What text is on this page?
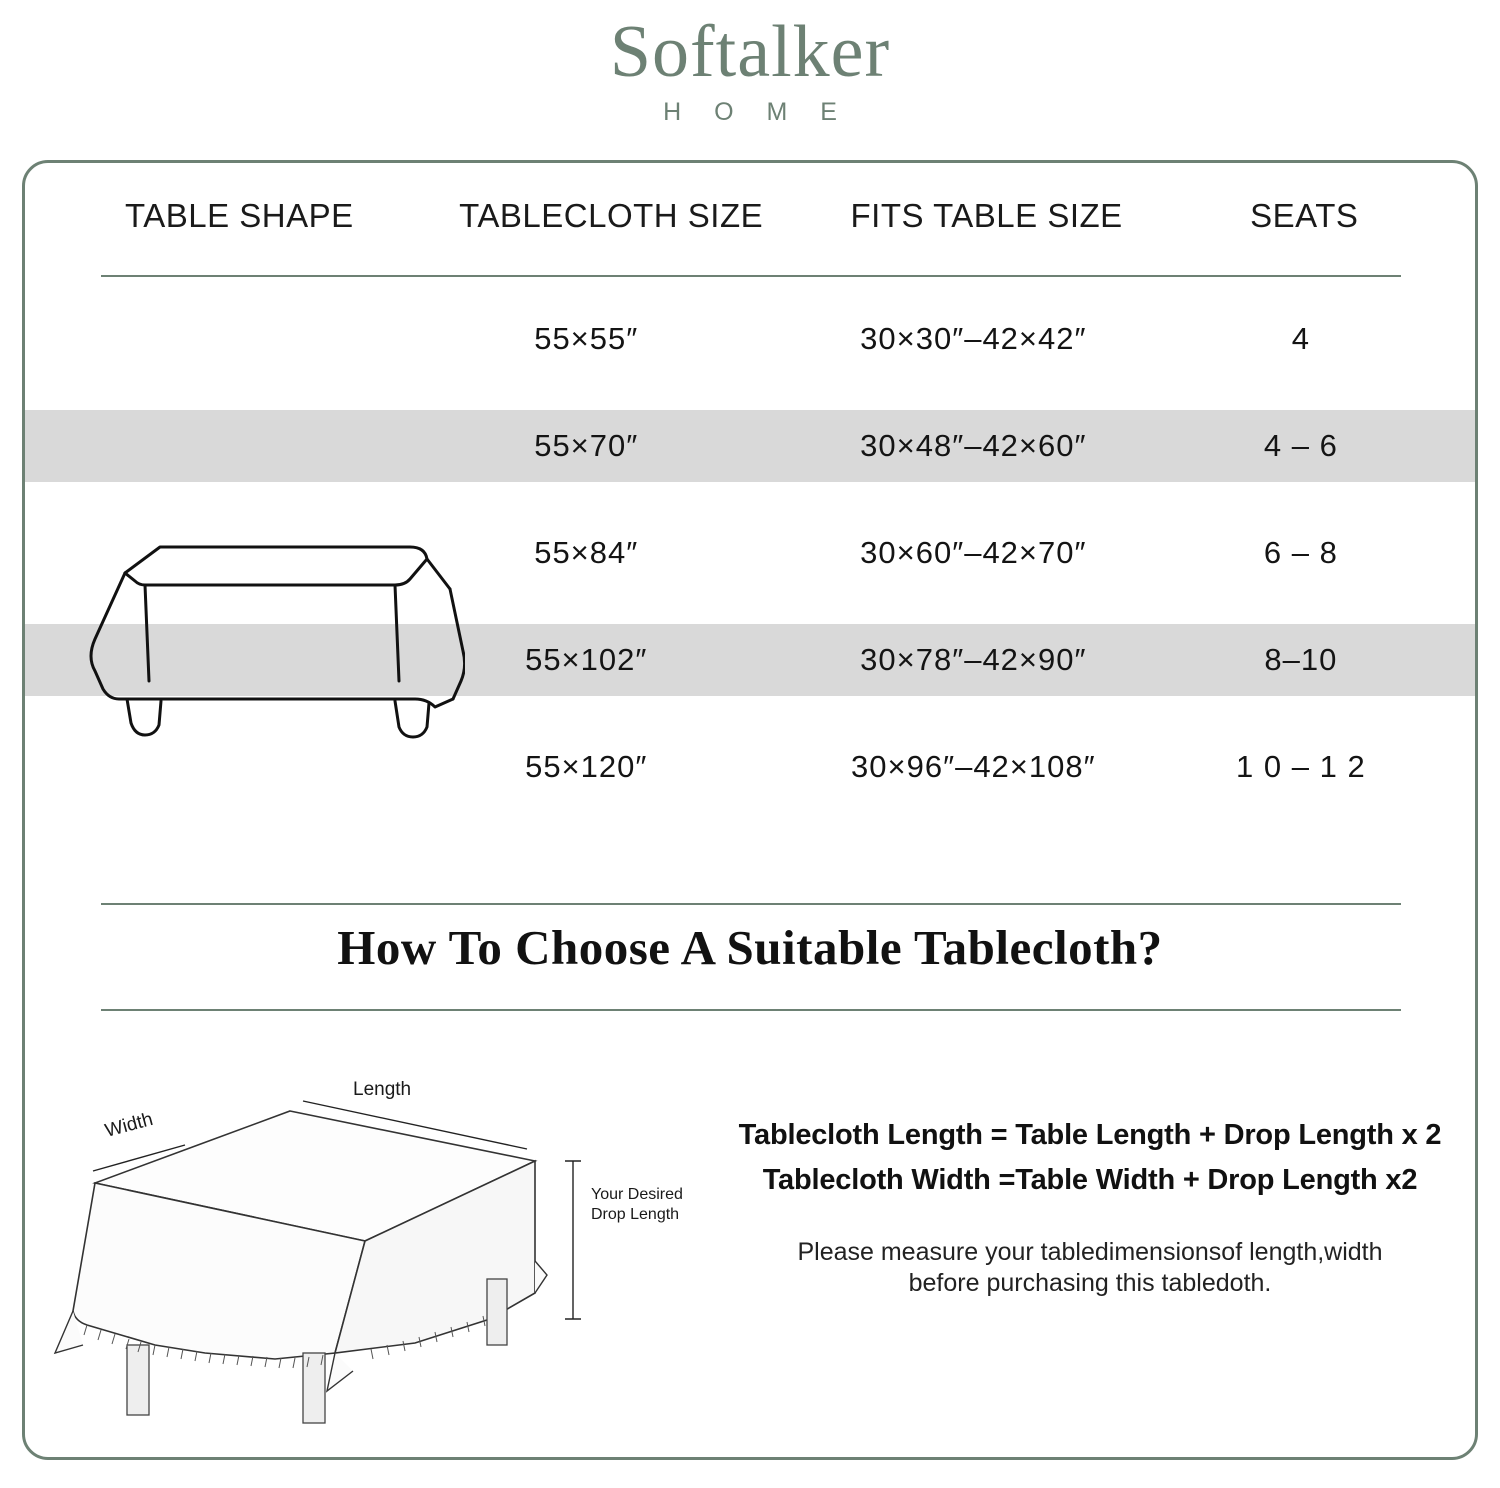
Softalker
H O M E
TABLE SHAPE	TABLECLOTH SIZE	FITS TABLE SIZE	SEATS
55×55″	30×30″–42×42″	4
55×70″	30×48″–42×60″	4 – 6
55×84″	30×60″–42×70″	6 – 8
55×102″	30×78″–42×90″	8–10
55×120″	30×96″–42×108″	1 0 – 1 2
How To Choose A Suitable Tablecloth?
Width
Length
Your Desired
Drop Length
Tablecloth Length = Table Length + Drop Length x 2
Tablecloth Width =Table Width + Drop Length x2
Please measure your tabledimensionsof length,width
before purchasing this tabledoth.
